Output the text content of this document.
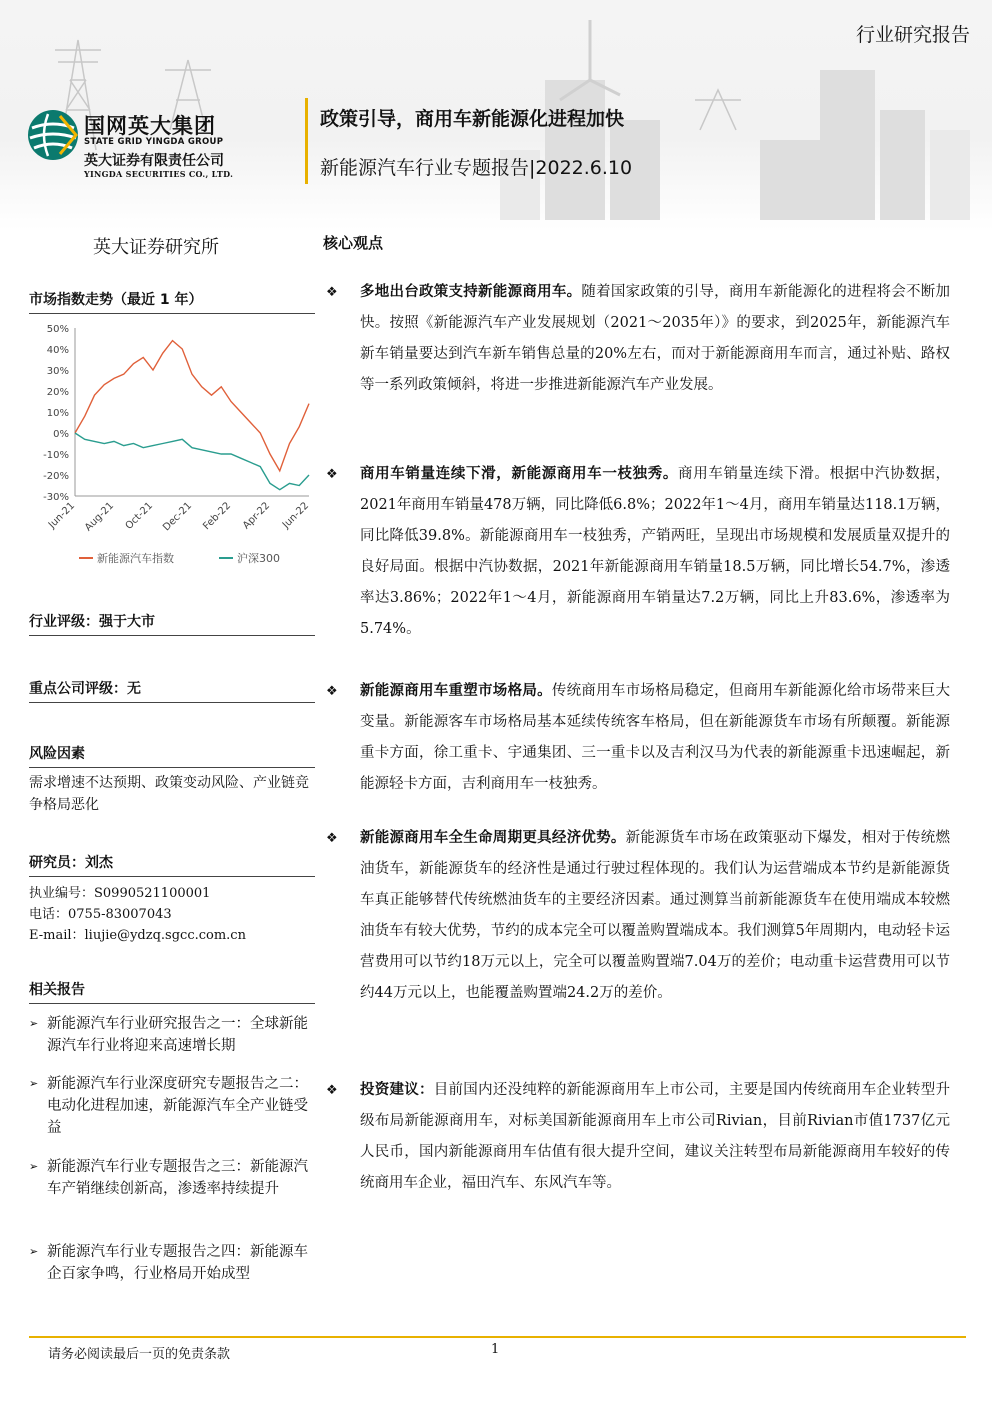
行业研究报告
国网英大集团
STATE GRID YINGDA GROUP
英大证券有限责任公司
YINGDA SECURITIES CO., LTD.
政策引导，商用车新能源化进程加快
新能源汽车行业专题报告|2022.6.10
英大证券研究所
市场指数走势（最近 1 年）
50%
40%
30%
20%
10%
0%
-10%
-20%
-30%
Jun-21 Aug-21 Oct-21 Dec-21 Feb-22 Apr-22 Jun-22
新能源汽车指数	沪深300
行业评级：强于大市
重点公司评级：无
风险因素
需求增速不达预期、政策变动风险、产业链竞争格局恶化
研究员：刘杰
执业编号：S0990521100001
电话：0755-83007043
E-mail：liujie@ydzq.sgcc.com.cn
相关报告
➢ 新能源汽车行业研究报告之一：全球新能源汽车行业将迎来高速增长期
➢ 新能源汽车行业深度研究专题报告之二：电动化进程加速，新能源汽车全产业链受益
➢ 新能源汽车行业专题报告之三：新能源汽车产销继续创新高，渗透率持续提升
➢ 新能源汽车行业专题报告之四：新能源车企百家争鸣，行业格局开始成型
核心观点
❖ 多地出台政策支持新能源商用车。随着国家政策的引导，商用车新能源化的进程将会不断加快。按照《新能源汽车产业发展规划（2021～2035年）》的要求，到2025年，新能源汽车新车销量要达到汽车新车销售总量的20%左右，而对于新能源商用车而言，通过补贴、路权等一系列政策倾斜，将进一步推进新能源汽车产业发展。
❖ 商用车销量连续下滑，新能源商用车一枝独秀。商用车销量连续下滑。根据中汽协数据，2021年商用车销量478万辆，同比降低6.8%；2022年1～4月，商用车销量达118.1万辆，同比降低39.8%。新能源商用车一枝独秀，产销两旺，呈现出市场规模和发展质量双提升的良好局面。根据中汽协数据，2021年新能源商用车销量18.5万辆，同比增长54.7%，渗透率达3.86%；2022年1～4月，新能源商用车销量达7.2万辆，同比上升83.6%，渗透率为5.74%。
❖ 新能源商用车重塑市场格局。传统商用车市场格局稳定，但商用车新能源化给市场带来巨大变量。新能源客车市场格局基本延续传统客车格局，但在新能源货车市场有所颠覆。新能源重卡方面，徐工重卡、宇通集团、三一重卡以及吉利汉马为代表的新能源重卡迅速崛起，新能源轻卡方面，吉利商用车一枝独秀。
❖ 新能源商用车全生命周期更具经济优势。新能源货车市场在政策驱动下爆发，相对于传统燃油货车，新能源货车的经济性是通过行驶过程体现的。我们认为运营端成本节约是新能源货车真正能够替代传统燃油货车的主要经济因素。通过测算当前新能源货车在使用端成本较燃油货车有较大优势，节约的成本完全可以覆盖购置端成本。我们测算5年周期内，电动轻卡运营费用可以节约18万元以上，完全可以覆盖购置端7.04万的差价；电动重卡运营费用可以节约44万元以上，也能覆盖购置端24.2万的差价。
❖ 投资建议：目前国内还没纯粹的新能源商用车上市公司，主要是国内传统商用车企业转型升级布局新能源商用车，对标美国新能源商用车上市公司Rivian，目前Rivian市值1737亿元人民币，国内新能源商用车估值有很大提升空间，建议关注转型布局新能源商用车较好的传统商用车企业，福田汽车、东风汽车等。
请务必阅读最后一页的免责条款	1
